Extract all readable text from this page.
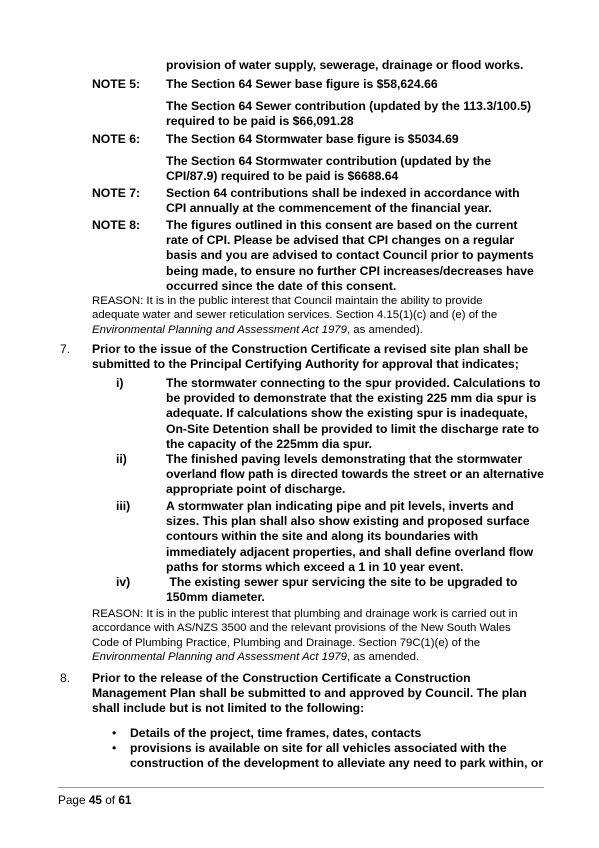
provision of water supply, sewerage, drainage or flood works.
NOTE 5:	The Section 64 Sewer base figure is $58,624.66

The Section 64 Sewer contribution (updated by the 113.3/100.5) required to be paid is $66,091.28

NOTE 6:	The Section 64 Stormwater base figure is $5034.69

The Section 64 Stormwater contribution (updated by the CPI/87.9) required to be paid is $6688.64

NOTE 7:	Section 64 contributions shall be indexed in accordance with CPI annually at the commencement of the financial year.

NOTE 8:	The figures outlined in this consent are based on the current rate of CPI. Please be advised that CPI changes on a regular basis and you are advised to contact Council prior to payments being made, to ensure no further CPI increases/decreases have occurred since the date of this consent.

REASON: It is in the public interest that Council maintain the ability to provide adequate water and sewer reticulation services. Section 4.15(1)(c) and (e) of the Environmental Planning and Assessment Act 1979, as amended).

7.	Prior to the issue of the Construction Certificate a revised site plan shall be submitted to the Principal Certifying Authority for approval that indicates;
i)	The stormwater connecting to the spur provided. Calculations to be provided to demonstrate that the existing 225 mm dia spur is adequate. If calculations show the existing spur is inadequate, On-Site Detention shall be provided to limit the discharge rate to the capacity of the 225mm dia spur.
ii)	The finished paving levels demonstrating that the stormwater overland flow path is directed towards the street or an alternative appropriate point of discharge.
iii)	A stormwater plan indicating pipe and pit levels, inverts and sizes. This plan shall also show existing and proposed surface contours within the site and along its boundaries with immediately adjacent properties, and shall define overland flow paths for storms which exceed a 1 in 10 year event.
iv)	The existing sewer spur servicing the site to be upgraded to 150mm diameter.

REASON: It is in the public interest that plumbing and drainage work is carried out in accordance with AS/NZS 3500 and the relevant provisions of the New South Wales Code of Plumbing Practice, Plumbing and Drainage. Section 79C(1)(e) of the Environmental Planning and Assessment Act 1979, as amended.

8.	Prior to the release of the Construction Certificate a Construction Management Plan shall be submitted to and approved by Council. The plan shall include but is not limited to the following:
•	Details of the project, time frames, dates, contacts
•	provisions is available on site for all vehicles associated with the construction of the development to alleviate any need to park within, or
Page 45 of 61
